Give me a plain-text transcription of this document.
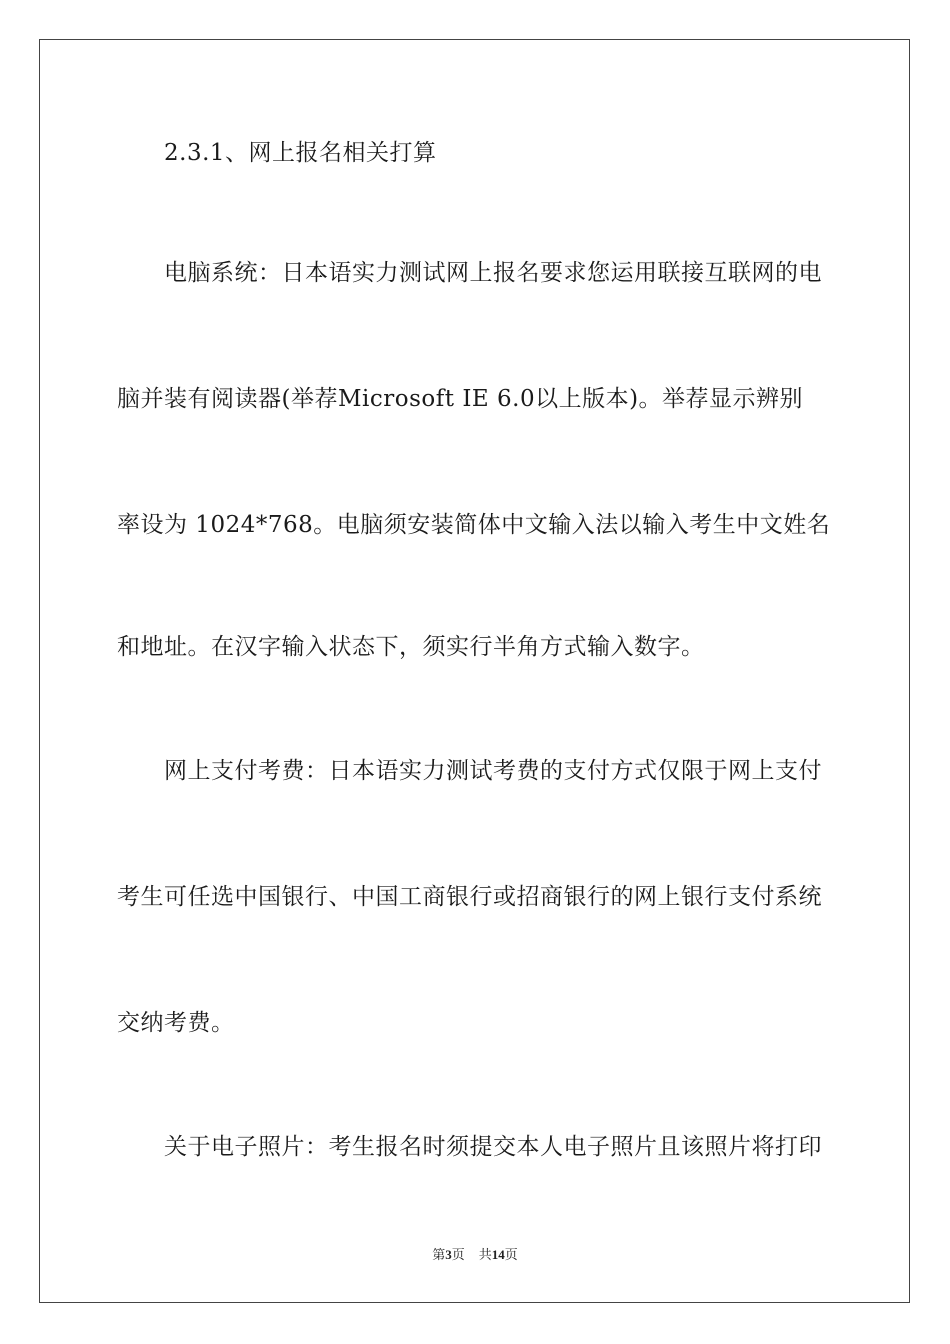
2.3.1、网上报名相关打算
电脑系统：日本语实力测试网上报名要求您运用联接互联网的电
脑并装有阅读器(举荐Microsoft IE 6.0以上版本)。举荐显示辨别
率设为 1024*768。电脑须安装简体中文输入法以输入考生中文姓名
和地址。在汉字输入状态下，须实行半角方式输入数字。
网上支付考费：日本语实力测试考费的支付方式仅限于网上支付
考生可任选中国银行、中国工商银行或招商银行的网上银行支付系统
交纳考费。
关于电子照片：考生报名时须提交本人电子照片且该照片将打印
第3页 共14页
